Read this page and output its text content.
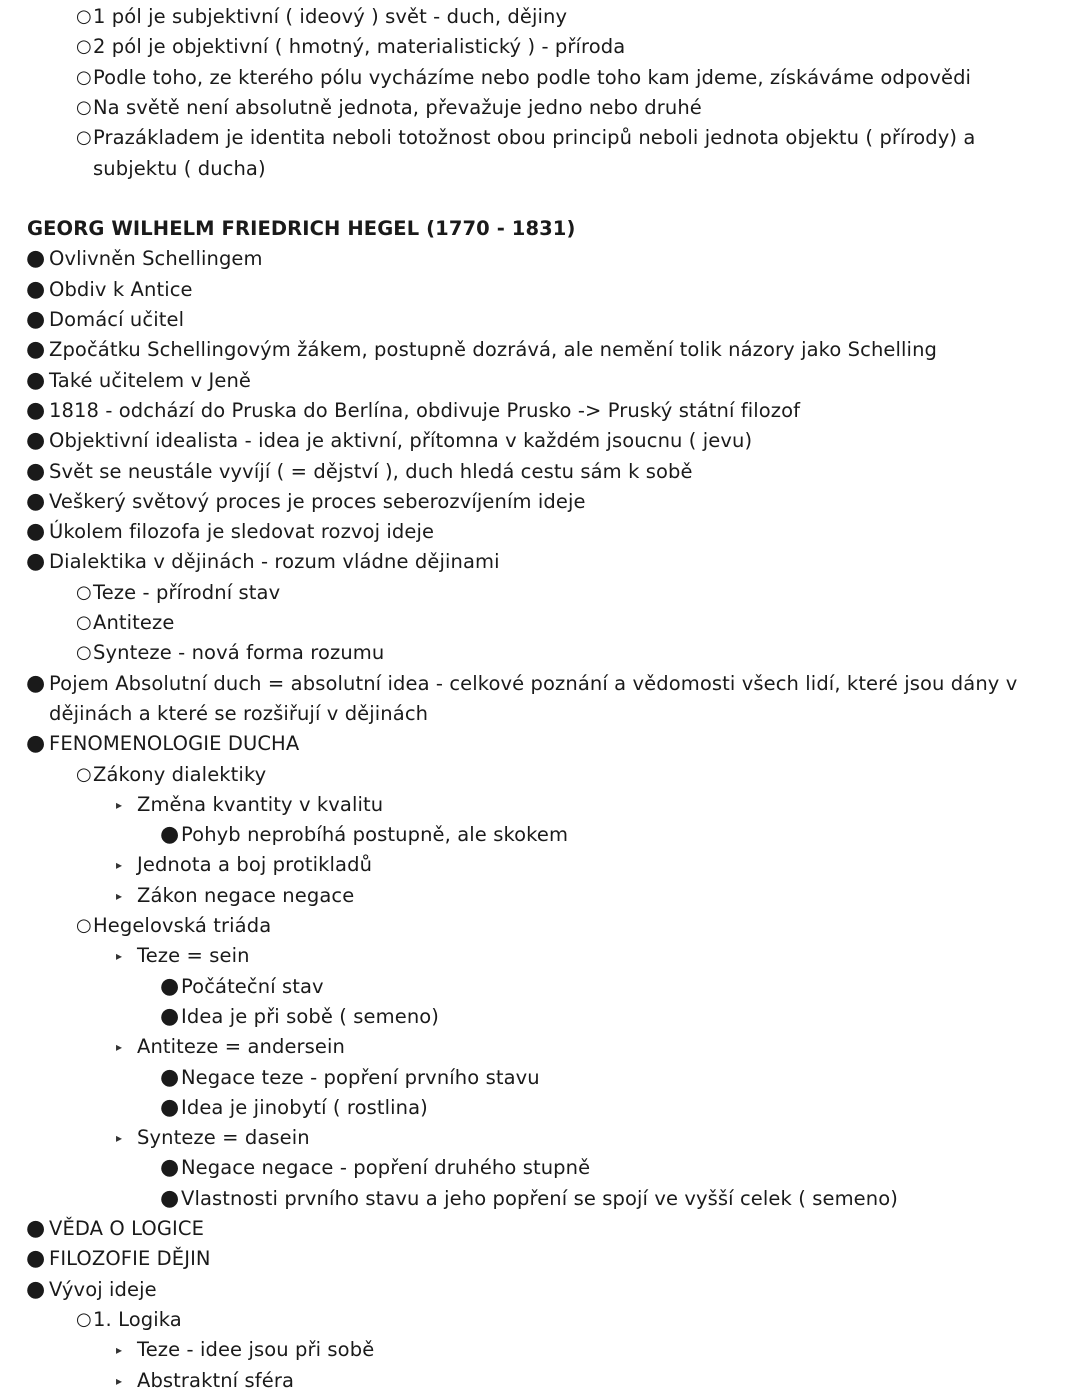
○ 1 pól je subjektivní ( ideový ) svět - duch, dějiny
○ 2 pól je objektivní ( hmotný, materialistický ) - příroda
○ Podle toho, ze kterého pólu vycházíme nebo podle toho kam jdeme, získáváme odpovědi
○ Na světě není absolutně jednota, převažuje jedno nebo druhé
○ Prazákladem je identita neboli totožnost obou principů neboli jednota objektu ( přírody) a
subjektu ( ducha)
GEORG WILHELM FRIEDRICH HEGEL (1770 - 1831)
● Ovlivněn Schellingem
● Obdiv k Antice
● Domácí učitel
● Zpočátku Schellingovým žákem, postupně dozrává, ale nemění tolik názory jako Schelling
● Také učitelem v Jeně
● 1818 - odchází do Pruska do Berlína, obdivuje Prusko -> Pruský státní filozof
● Objektivní idealista - idea je aktivní, přítomna v každém jsoucnu ( jevu)
● Svět se neustále vyvíjí ( = dějství ), duch hledá cestu sám k sobě
● Veškerý světový proces je proces seberozvíjením ideje
● Úkolem filozofa je sledovat rozvoj ideje
● Dialektika v dějinách - rozum vládne dějinami
○ Teze - přírodní stav
○ Antiteze
○ Synteze - nová forma rozumu
● Pojem Absolutní duch = absolutní idea - celkové poznání a vědomosti všech lidí, které jsou dány v
dějinách a které se rozšiřují v dějinách
● FENOMENOLOGIE DUCHA
○ Zákony dialektiky
▸ Změna kvantity v kvalitu
● Pohyb neprobíhá postupně, ale skokem
▸ Jednota a boj protikladů
▸ Zákon negace negace
○ Hegelovská triáda
▸ Teze = sein
● Počáteční stav
● Idea je při sobě ( semeno)
▸ Antiteze = andersein
● Negace teze - popření prvního stavu
● Idea je jinobytí ( rostlina)
▸ Synteze = dasein
● Negace negace - popření druhého stupně
● Vlastnosti prvního stavu a jeho popření se spojí ve vyšší celek ( semeno)
● VĚDA O LOGICE
● FILOZOFIE DĚJIN
● Vývoj ideje
○ 1. Logika
▸ Teze - idee jsou při sobě
▸ Abstraktní sféra
